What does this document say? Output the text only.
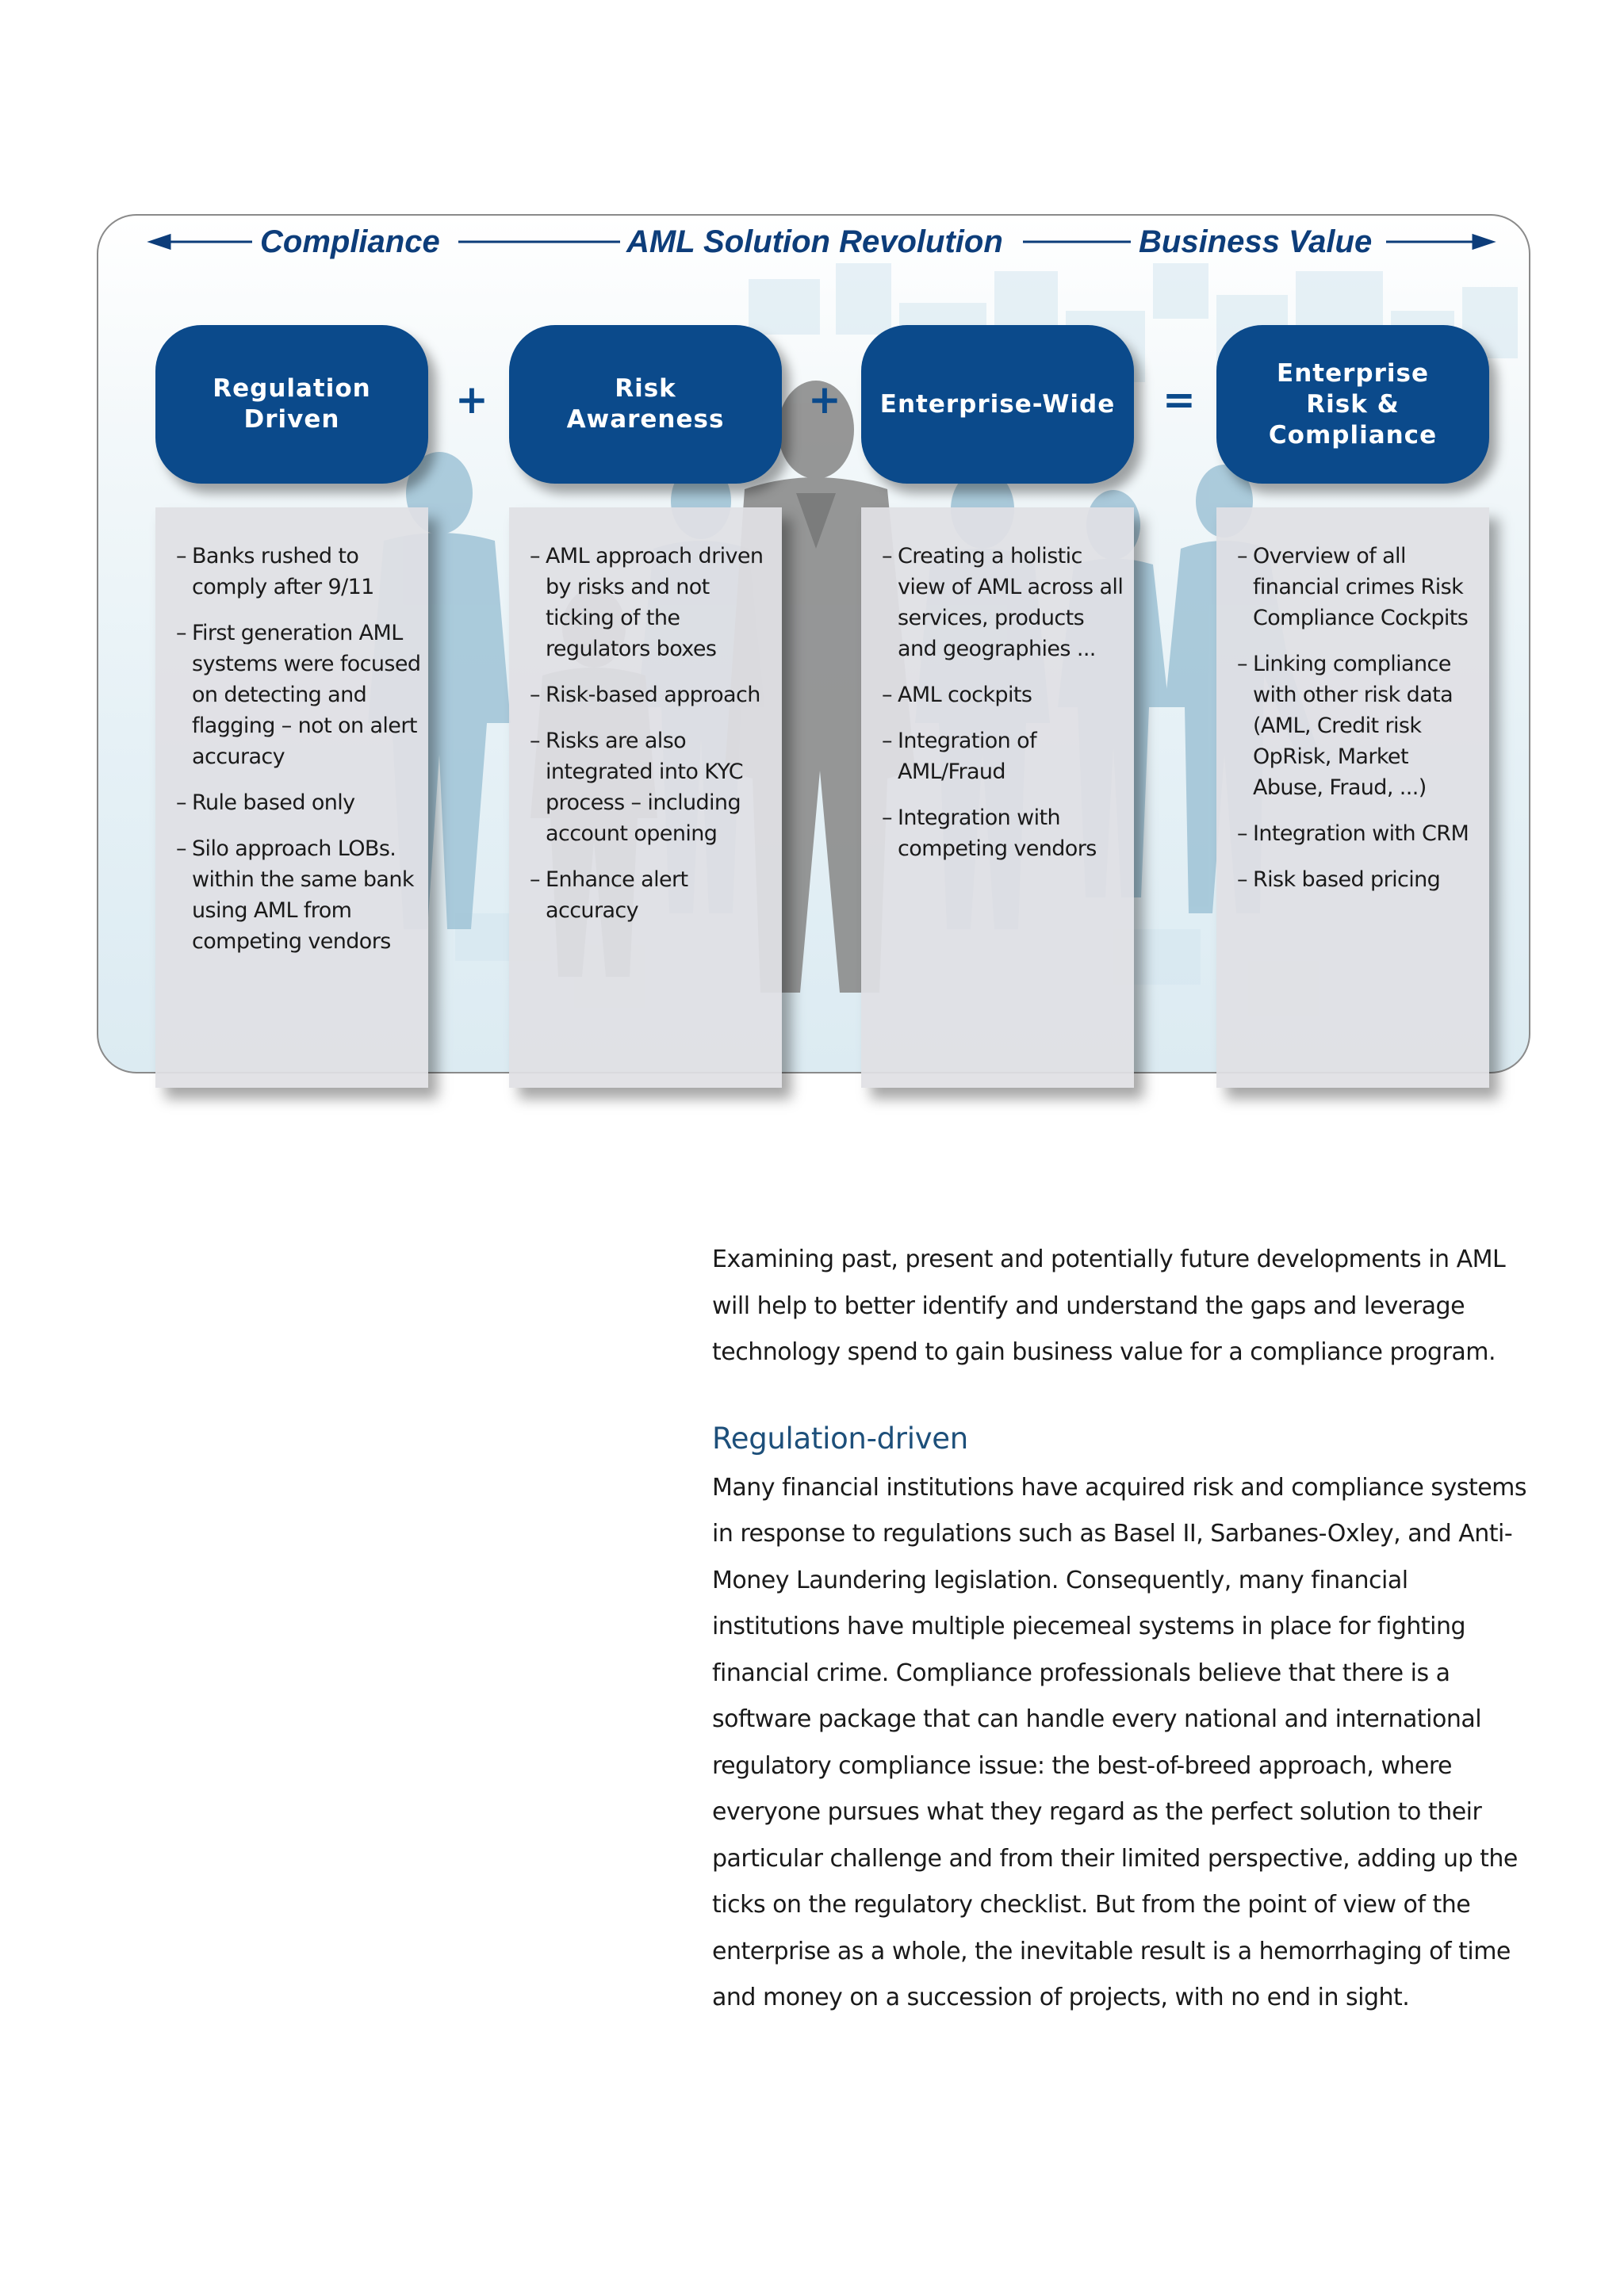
Compliance	AML Solution Revolution	Business Value
Regulation Driven
Risk Awareness
Enterprise-Wide
Enterprise Risk & Compliance
+	+	=
– Banks rushed to comply after 9/11
– First generation AML systems were focused on detecting and flagging – not on alert accuracy
– Rule based only
– Silo approach LOBs. within the same bank using AML from competing vendors
– AML approach driven by risks and not ticking of the regulators boxes
– Risk-based approach
– Risks are also integrated into KYC process – including account opening
– Enhance alert accuracy
– Creating a holistic view of AML across all services, products and geographies ...
– AML cockpits
– Integration of AML/Fraud
– Integration with competing vendors
– Overview of all financial crimes Risk Compliance Cockpits
– Linking compliance with other risk data (AML, Credit risk OpRisk, Market Abuse, Fraud, ...)
– Integration with CRM
– Risk based pricing

Examining past, present and potentially future developments in AML will help to better identify and understand the gaps and leverage technology spend to gain business value for a compliance program.

Regulation-driven

Many financial institutions have acquired risk and compliance systems in response to regulations such as Basel II, Sarbanes-Oxley, and Anti-Money Laundering legislation. Consequently, many financial institutions have multiple piecemeal systems in place for fighting financial crime. Compliance professionals believe that there is a software package that can handle every national and international regulatory compliance issue: the best-of-breed approach, where everyone pursues what they regard as the perfect solution to their particular challenge and from their limited perspective, adding up the ticks on the regulatory checklist. But from the point of view of the enterprise as a whole, the inevitable result is a hemorrhaging of time and money on a succession of projects, with no end in sight.
